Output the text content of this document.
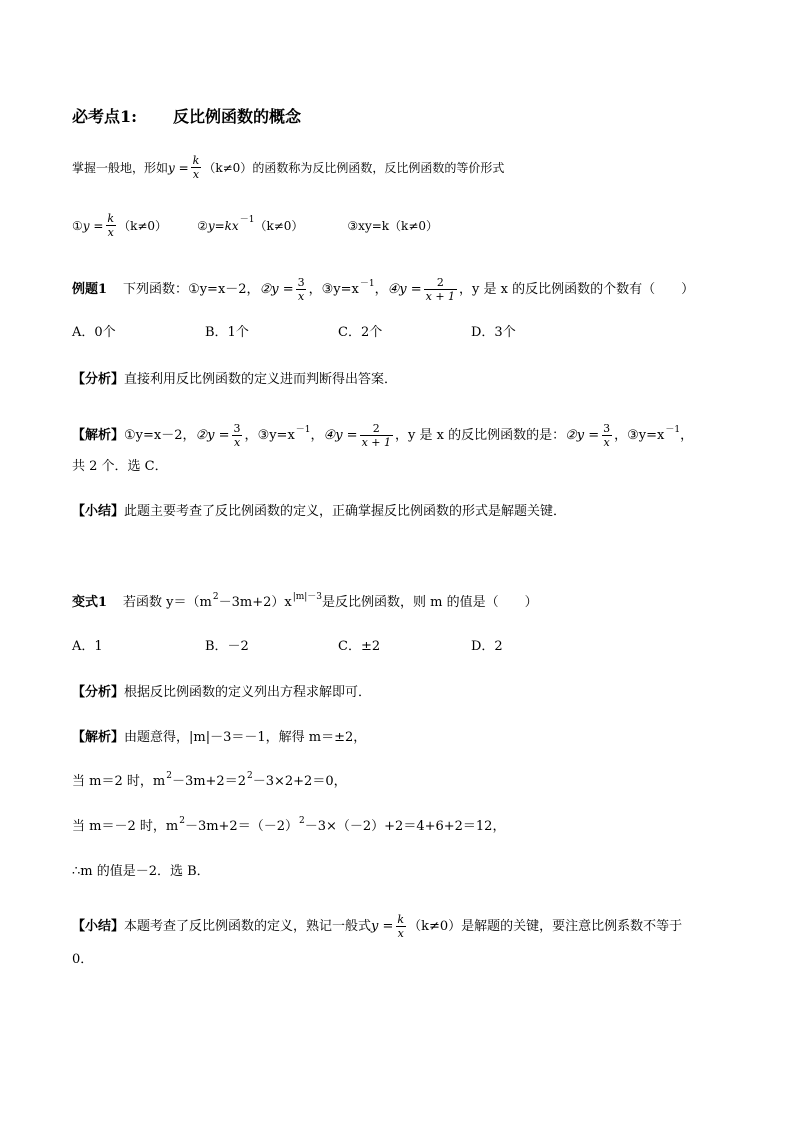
必考点1: 反比例函数的概念
掌握一般地，形如 $y = \frac{k}{x} (k\ne 0)$ 的函数称为反比例函数，反比例函数的等价形式
① $y = \frac{k}{x} (k\ne 0)$	② y=kx －1 （k≠0）	③ xy=k （k≠0）
例题1 下列函数： ①y=x－2， ②y = $\frac{3}{x}$ ， ③y=x －1 ， ④y = $\frac{2}{x + 1}$ ，y 是 x 的反比例函数的个数有（　　）
A．0个	B．1个	C．2个	D．3个
【分析】 直接利用反比例函数的定义进而判断得出答案．
【解析】 ①y=x－2， ②y = $\frac{3}{x}$ ， ③y=x －1 ， ④y = $\frac{2}{x + 1}$ ，y 是 x 的反比例函数的是： ②y = $\frac{3}{x}$ ， ③y=x －1 ，
共 2 个．选 C．
【小结】 此题主要考查了反比例函数的定义，正确掌握反比例函数的形式是解题关键．
变式1 若函数 y＝（m 2 －3m+2）x |m|－3 是反比例函数，则 m 的值是（　　）
A．1	B．－2	C．±2	D．2
【分析】 根据反比例函数的定义列出方程求解即可．
【解析】 由题意得，|m|－3＝－1，解得 m＝±2，
当 m＝2 时，m 2 －3m+2＝2 2 －3×2+2＝0，
当 m＝－2 时，m 2 －3m+2＝（－2） 2 －3×（－2）+2＝4+6+2＝12，
∴m 的值是－2．选 B．
【小结】 本题考查了反比例函数的定义，熟记一般式 $y = \frac{k}{x} (k\ne 0)$是解题的关键，要注意比例系数不等于
0．
